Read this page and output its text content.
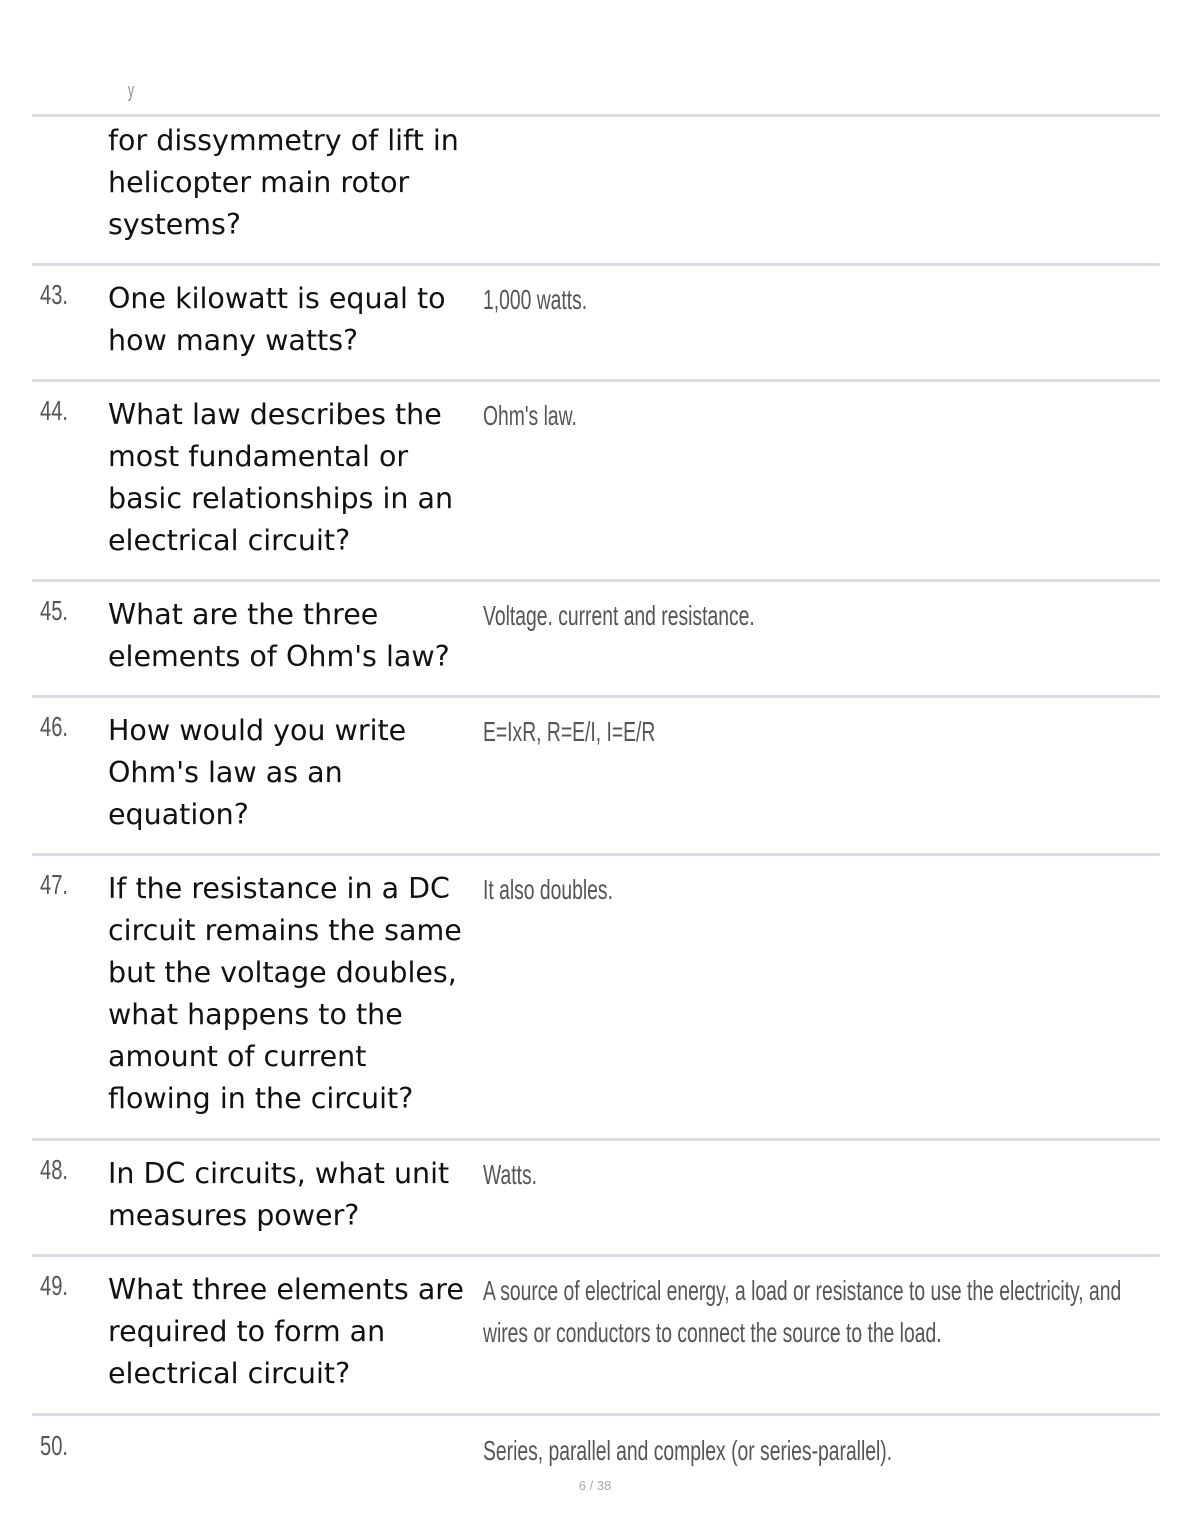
y
for dissymmetry of lift in helicopter main rotor systems?
43. One kilowatt is equal to how many watts?
1,000 watts.
44. What law describes the most fundamental or basic relationships in an electrical circuit?
Ohm's law.
45. What are the three elements of Ohm's law?
Voltage. current and resistance.
46. How would you write Ohm's law as an equation?
E=IxR, R=E/I, I=E/R
47. If the resistance in a DC circuit remains the same but the voltage doubles, what happens to the amount of current flowing in the circuit?
It also doubles.
48. In DC circuits, what unit measures power?
Watts.
49. What three elements are required to form an electrical circuit?
A source of electrical energy, a load or resistance to use the electricity, and wires or conductors to connect the source to the load.
50.	Series, parallel and complex (or series-parallel).
6 / 38
